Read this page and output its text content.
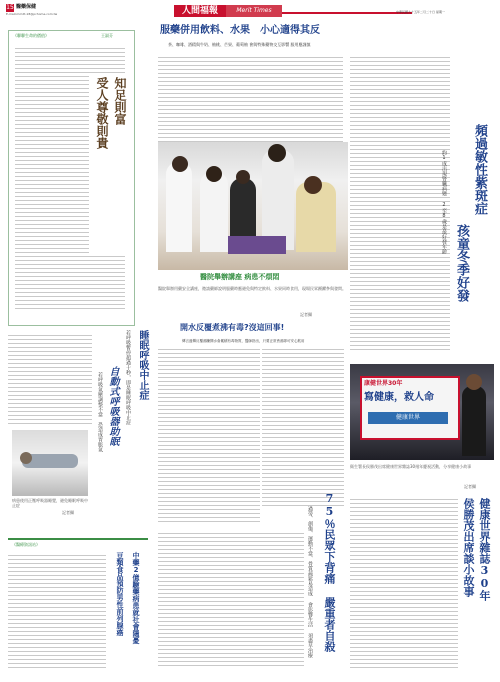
15 醫藥保健
E-mail:mmdt-18@pchome.com.tw	人間福報	Merit Times	中華民國九十五年二月二十日 星期一
《聊聊生命的價值》	王淑芬
知足則富
受人尊敬則貴
睡眠呼吸中止症
若呼吸暫停超過十秒，即是睡眠呼吸中止症
自動式呼吸器助眠
若呼吸氣壓調整不當　恐造成胃脹氣
病患使用正壓呼吸器睡覺，避免睡眠呼吸中止症
記者攝
《醫療資訊站》
中藥2億驗藥病患就社會隱憂
豆類食品預防男性前列腺癌
服藥併用飲料、水果　小心適得其反
茶、咖啡、酒精與牛奶、柚桃、芒果、葡萄柚 會與特殊藥物交互影響 服用應謹慎
醫院舉辦講座 病患不煩悶
醫院舉辦用藥安全講座，邀請藥師說明服藥時應避免與特定飲料、水果同時食用，現場民眾踴躍參與發問。
記者攝
開水反覆煮沸有毒?沒這回事!
傳言盛傳反覆沸騰開水會累積有毒物質，醫師指出，只要正常煮沸即可安心飲用
75％民眾下背痛 嚴重者自殺
過勞、創傷、運動不當、骨質疏鬆易造成 會影響生活 須盡早治療
頻過敏性紫斑症
孩童冬季好發
約1成出現腎臟病變 2至8歲是最好發年齡
康健世界30年
寫健康，救人命
健康世界
衛生署長侯勝茂出席健康世界雜誌30週年慶祝活動，分享健康小故事
記者攝
健康世界雜誌30年
侯勝茂出席談小故事
